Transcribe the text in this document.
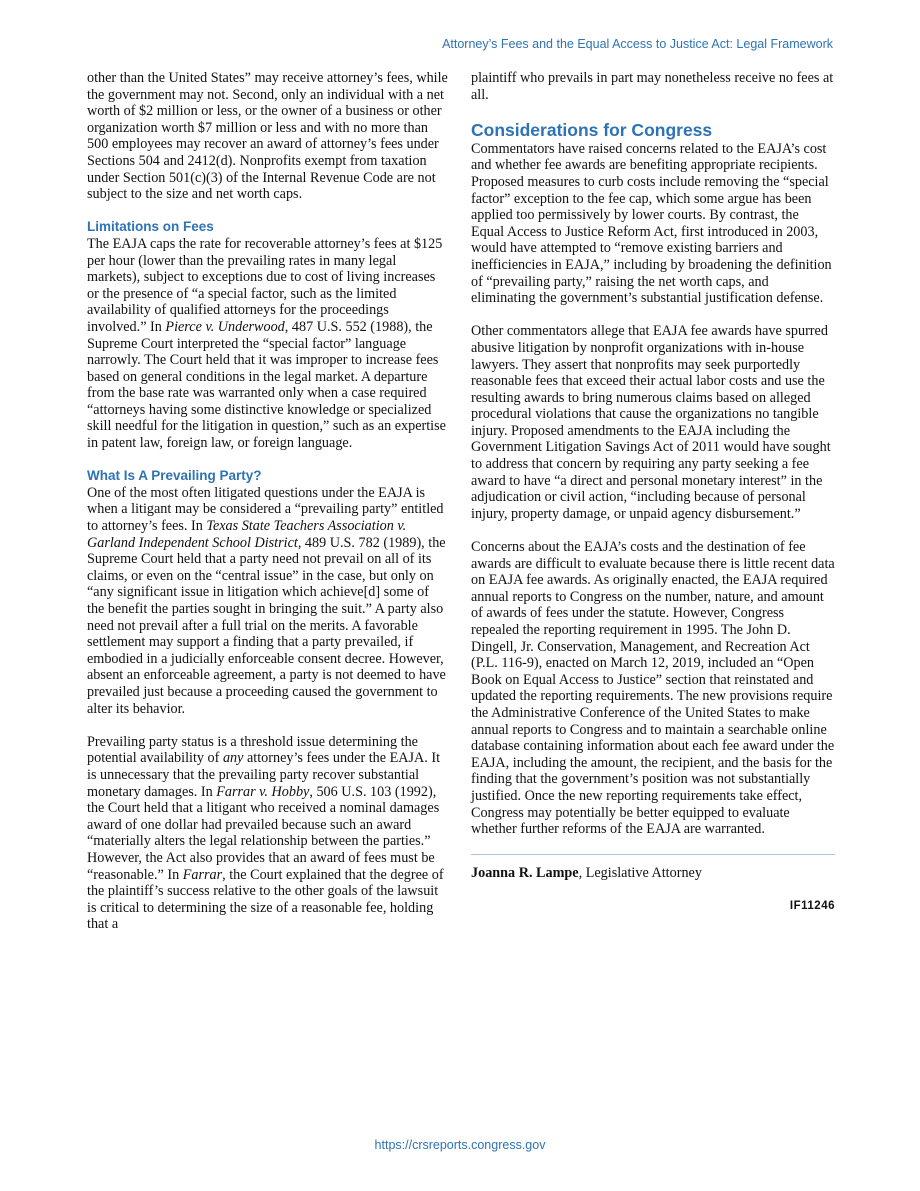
Attorney’s Fees and the Equal Access to Justice Act: Legal Framework

other than the United States” may receive attorney’s fees, while the government may not. Second, only an individual with a net worth of $2 million or less, or the owner of a business or other organization worth $7 million or less and with no more than 500 employees may recover an award of attorney’s fees under Sections 504 and 2412(d). Nonprofits exempt from taxation under Section 501(c)(3) of the Internal Revenue Code are not subject to the size and net worth caps.

Limitations on Fees

The EAJA caps the rate for recoverable attorney’s fees at $125 per hour (lower than the prevailing rates in many legal markets), subject to exceptions due to cost of living increases or the presence of “a special factor, such as the limited availability of qualified attorneys for the proceedings involved.” In Pierce v. Underwood, 487 U.S. 552 (1988), the Supreme Court interpreted the “special factor” language narrowly. The Court held that it was improper to increase fees based on general conditions in the legal market. A departure from the base rate was warranted only when a case required “attorneys having some distinctive knowledge or specialized skill needful for the litigation in question,” such as an expertise in patent law, foreign law, or foreign language.

What Is A Prevailing Party?

One of the most often litigated questions under the EAJA is when a litigant may be considered a “prevailing party” entitled to attorney’s fees. In Texas State Teachers Association v. Garland Independent School District, 489 U.S. 782 (1989), the Supreme Court held that a party need not prevail on all of its claims, or even on the “central issue” in the case, but only on “any significant issue in litigation which achieve[d] some of the benefit the parties sought in bringing the suit.” A party also need not prevail after a full trial on the merits. A favorable settlement may support a finding that a party prevailed, if embodied in a judicially enforceable consent decree. However, absent an enforceable agreement, a party is not deemed to have prevailed just because a proceeding caused the government to alter its behavior.

Prevailing party status is a threshold issue determining the potential availability of any attorney’s fees under the EAJA. It is unnecessary that the prevailing party recover substantial monetary damages. In Farrar v. Hobby, 506 U.S. 103 (1992), the Court held that a litigant who received a nominal damages award of one dollar had prevailed because such an award “materially alters the legal relationship between the parties.” However, the Act also provides that an award of fees must be “reasonable.” In Farrar, the Court explained that the degree of the plaintiff’s success relative to the other goals of the lawsuit is critical to determining the size of a reasonable fee, holding that a

plaintiff who prevails in part may nonetheless receive no fees at all.

Considerations for Congress

Commentators have raised concerns related to the EAJA’s cost and whether fee awards are benefiting appropriate recipients. Proposed measures to curb costs include removing the “special factor” exception to the fee cap, which some argue has been applied too permissively by lower courts. By contrast, the Equal Access to Justice Reform Act, first introduced in 2003, would have attempted to “remove existing barriers and inefficiencies in EAJA,” including by broadening the definition of “prevailing party,” raising the net worth caps, and eliminating the government’s substantial justification defense.

Other commentators allege that EAJA fee awards have spurred abusive litigation by nonprofit organizations with in-house lawyers. They assert that nonprofits may seek purportedly reasonable fees that exceed their actual labor costs and use the resulting awards to bring numerous claims based on alleged procedural violations that cause the organizations no tangible injury. Proposed amendments to the EAJA including the Government Litigation Savings Act of 2011 would have sought to address that concern by requiring any party seeking a fee award to have “a direct and personal monetary interest” in the adjudication or civil action, “including because of personal injury, property damage, or unpaid agency disbursement.”

Concerns about the EAJA’s costs and the destination of fee awards are difficult to evaluate because there is little recent data on EAJA fee awards. As originally enacted, the EAJA required annual reports to Congress on the number, nature, and amount of awards of fees under the statute. However, Congress repealed the reporting requirement in 1995. The John D. Dingell, Jr. Conservation, Management, and Recreation Act (P.L. 116-9), enacted on March 12, 2019, included an “Open Book on Equal Access to Justice” section that reinstated and updated the reporting requirements. The new provisions require the Administrative Conference of the United States to make annual reports to Congress and to maintain a searchable online database containing information about each fee award under the EAJA, including the amount, the recipient, and the basis for the finding that the government’s position was not substantially justified. Once the new reporting requirements take effect, Congress may potentially be better equipped to evaluate whether further reforms of the EAJA are warranted.

Joanna R. Lampe, Legislative Attorney

IF11246
https://crsreports.congress.gov
